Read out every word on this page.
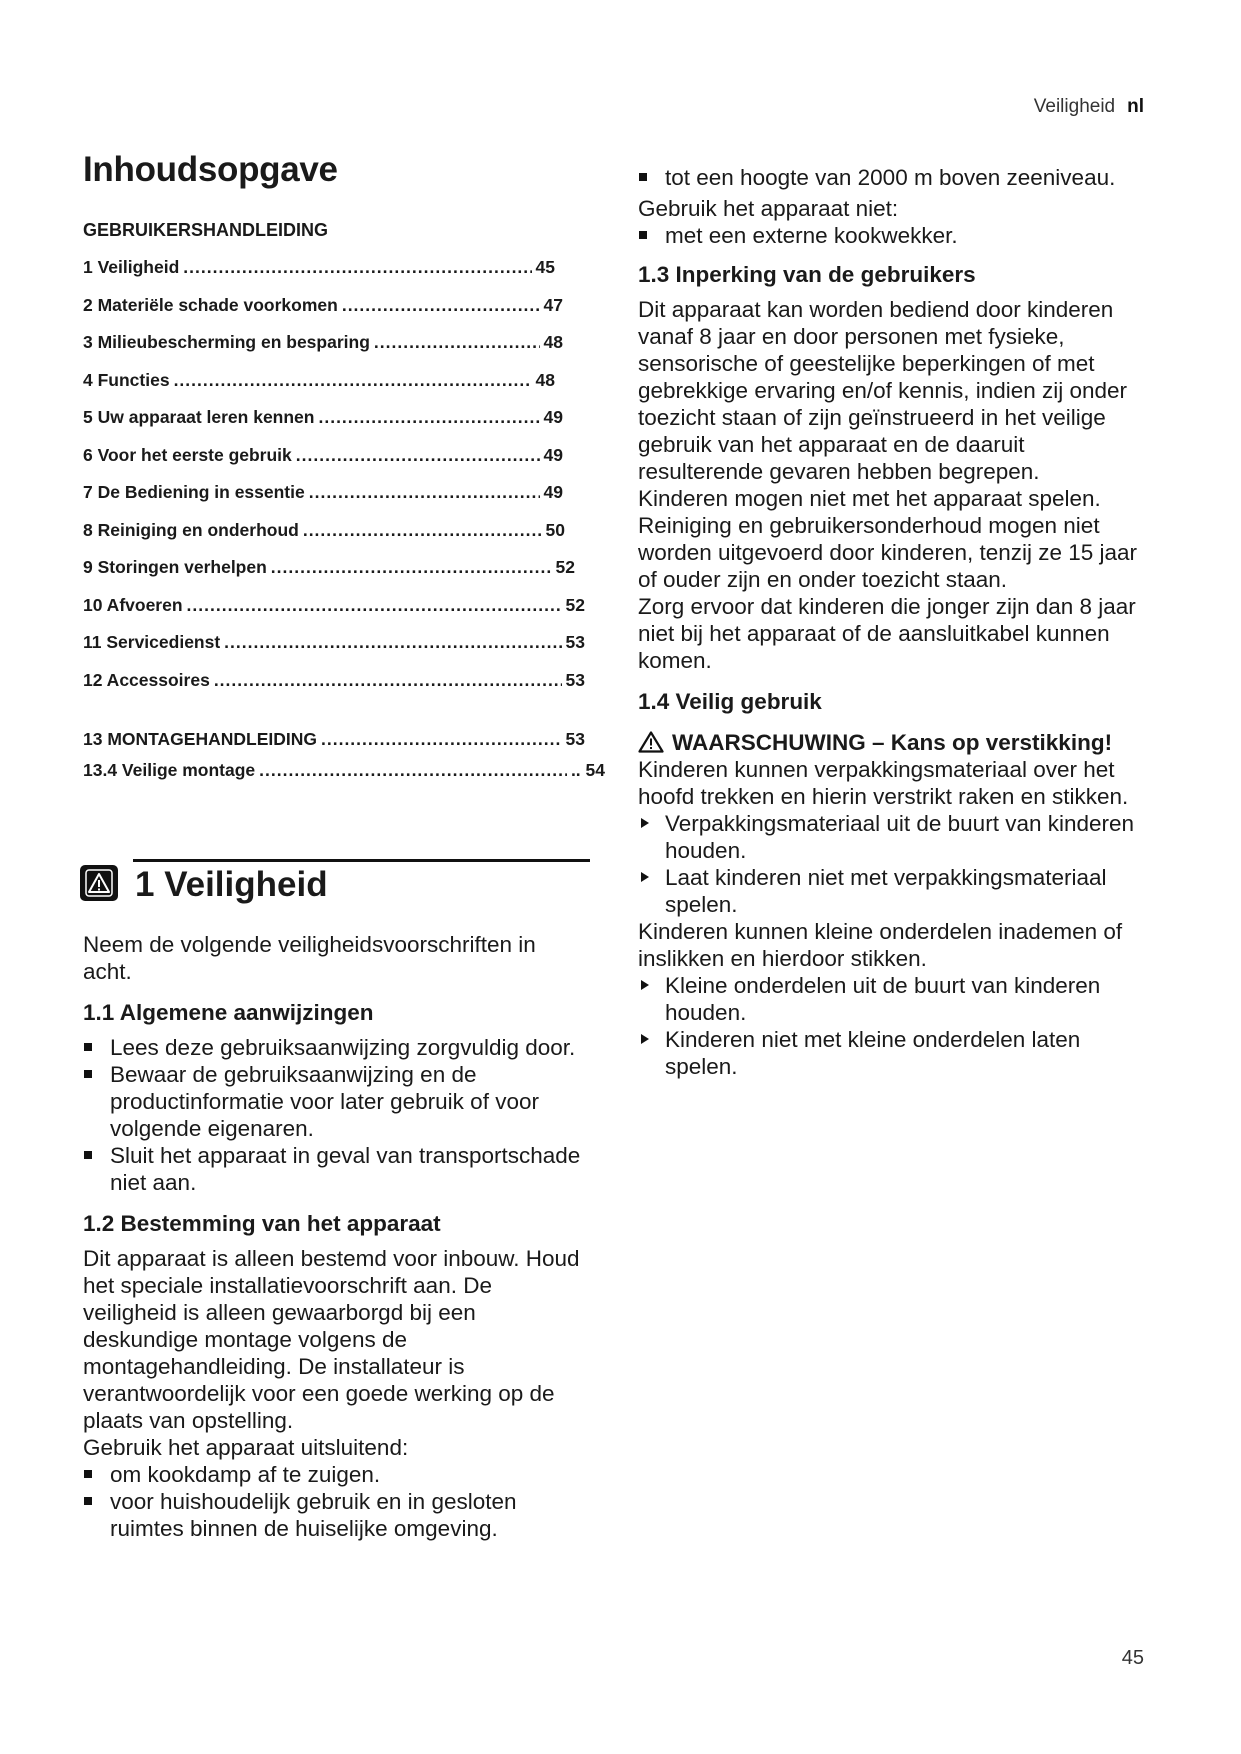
Veiligheid nl
Inhoudsopgave
GEBRUIKERSHANDLEIDING
1 Veiligheid .....	45
2 Materiële schade voorkomen .....	47
3 Milieubescherming en besparing .....	48
4 Functies .....	48
5 Uw apparaat leren kennen .....	49
6 Voor het eerste gebruik .....	49
7 De Bediening in essentie .....	49
8 Reiniging en onderhoud .....	50
9 Storingen verhelpen .....	52
10 Afvoeren .....	52
11 Servicedienst .....	53
12 Accessoires .....	53
13 MONTAGEHANDLEIDING .....	53
13.4 Veilige montage .....	.. 54
1 Veiligheid

Neem de volgende veiligheidsvoorschriften in acht.

1.1 Algemene aanwijzingen
Lees deze gebruiksaanwijzing zorgvuldig door.
Bewaar de gebruiksaanwijzing en de productinformatie voor later gebruik of voor volgende eigenaren.
Sluit het apparaat in geval van transportschade niet aan.
1.2 Bestemming van het apparaat

Dit apparaat is alleen bestemd voor inbouw. Houd het speciale installatievoorschrift aan. De veiligheid is alleen gewaarborgd bij een deskundige montage volgens de montagehandleiding. De installateur is verantwoordelijk voor een goede werking op de plaats van opstelling.

Gebruik het apparaat uitsluitend:

om kookdamp af te zuigen.
voor huishoudelijk gebruik en in gesloten ruimtes binnen de huiselijke omgeving.
tot een hoogte van 2000 m boven zeeniveau.

Gebruik het apparaat niet:

met een externe kookwekker.
1.3 Inperking van de gebruikers

Dit apparaat kan worden bediend door kinderen vanaf 8 jaar en door personen met fysieke, sensorische of geestelijke beperkingen of met gebrekkige ervaring en/of kennis, indien zij onder toezicht staan of zijn geïnstrueerd in het veilige gebruik van het apparaat en de daaruit resulterende gevaren hebben begrepen.

Kinderen mogen niet met het apparaat spelen.

Reiniging en gebruikersonderhoud mogen niet worden uitgevoerd door kinderen, tenzij ze 15 jaar of ouder zijn en onder toezicht staan.

Zorg ervoor dat kinderen die jonger zijn dan 8 jaar niet bij het apparaat of de aansluitkabel kunnen komen.

1.4 Veilig gebruik
WAARSCHUWING – Kans op verstikking!

Kinderen kunnen verpakkingsmateriaal over het hoofd trekken en hierin verstrikt raken en stikken.

Verpakkingsmateriaal uit de buurt van kinderen houden.
Laat kinderen niet met verpakkingsmateriaal spelen.

Kinderen kunnen kleine onderdelen inademen of inslikken en hierdoor stikken.

Kleine onderdelen uit de buurt van kinderen houden.
Kinderen niet met kleine onderdelen laten spelen.
45
